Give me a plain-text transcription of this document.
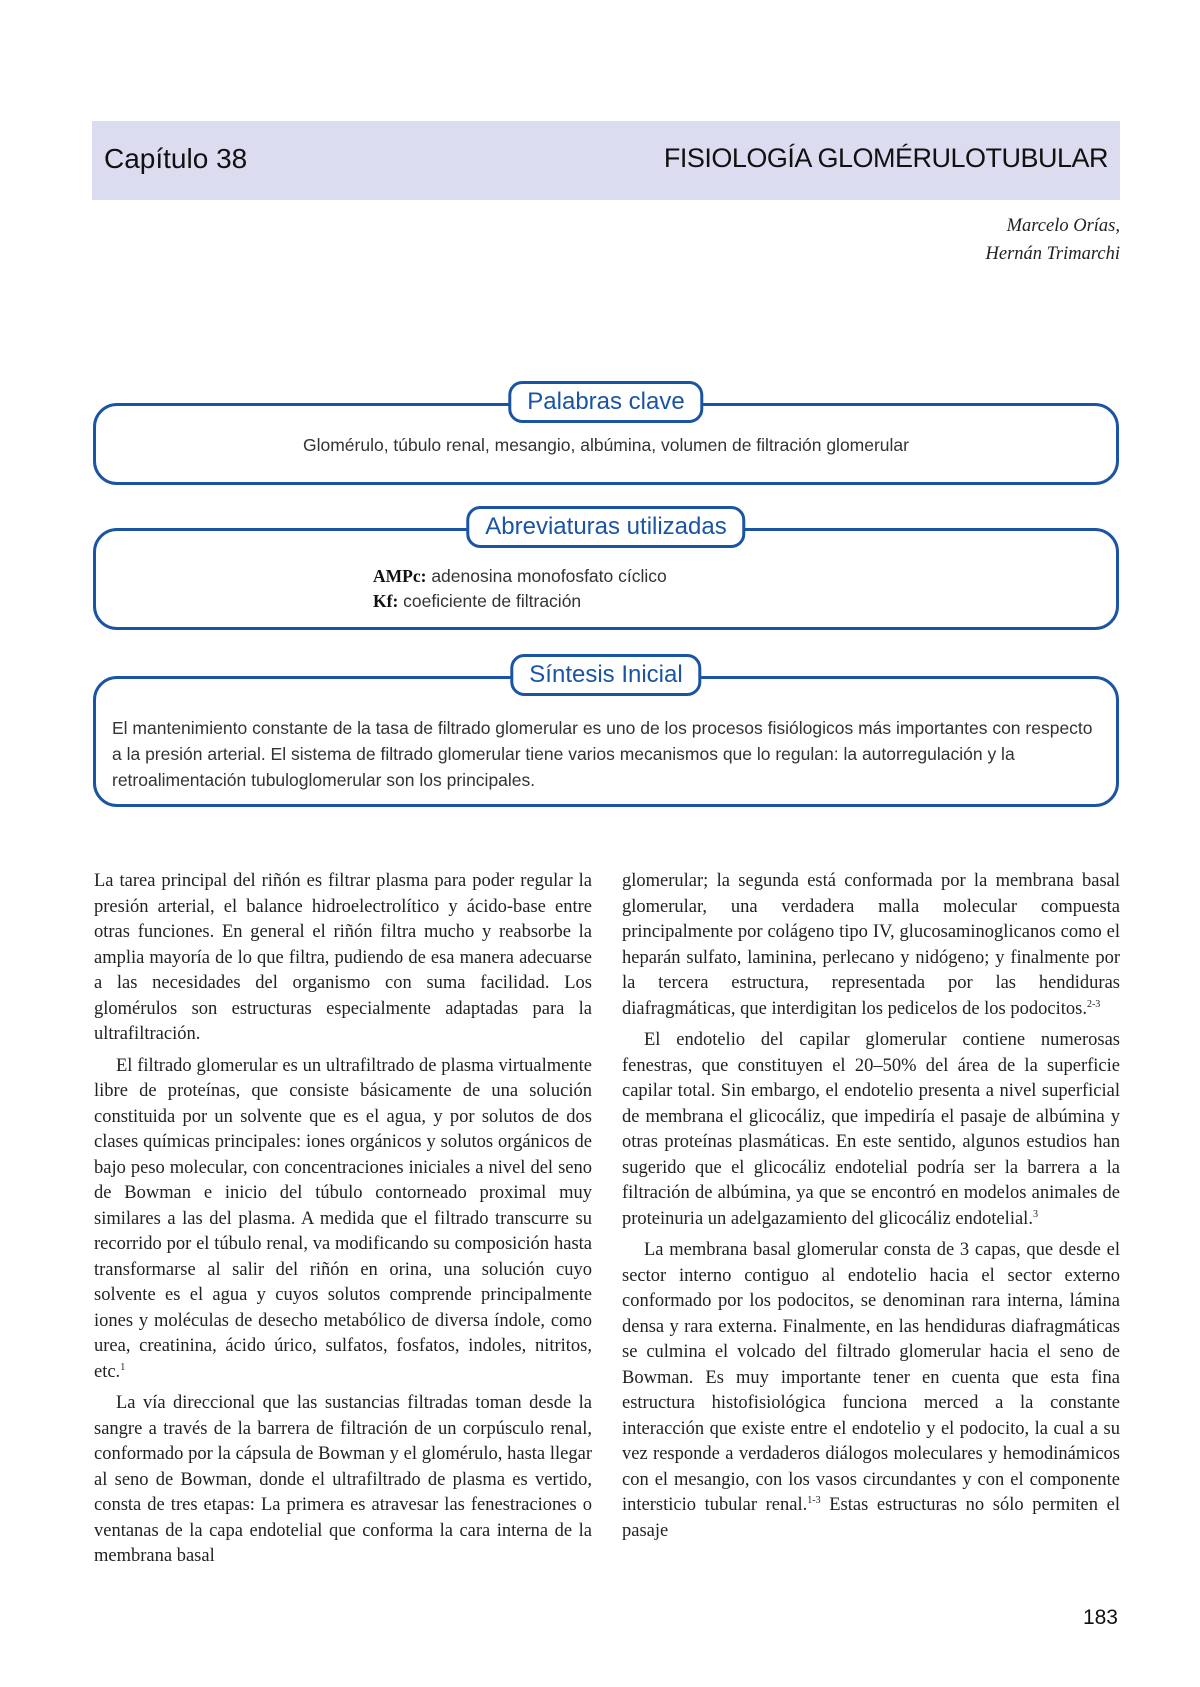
Capítulo 38	FISIOLOGÍA GLOMÉRULOTUBULAR
Marcelo Orías,
Hernán Trimarchi
Palabras clave
Glomérulo, túbulo renal, mesangio, albúmina, volumen de filtración glomerular
Abreviaturas utilizadas
AMPc: adenosina monofosfato cíclico
Kf: coeficiente de filtración
Síntesis Inicial
El mantenimiento constante de la tasa de filtrado glomerular es uno de los procesos fisiólogicos más importantes con respecto a la presión arterial. El sistema de filtrado glomerular tiene varios mecanismos que lo regulan: la autorregulación y la retroalimentación tubuloglomerular son los principales.

La tarea principal del riñón es filtrar plasma para poder regular la presión arterial, el balance hidroelectrolítico y ácido-base entre otras funciones. En general el riñón filtra mucho y reabsorbe la amplia mayoría de lo que filtra, pudiendo de esa manera adecuarse a las necesidades del organismo con suma facilidad. Los glomérulos son estructuras especialmente adaptadas para la ultrafiltración.

El filtrado glomerular es un ultrafiltrado de plasma virtualmente libre de proteínas, que consiste básicamente de una solución constituida por un solvente que es el agua, y por solutos de dos clases químicas principales: iones orgánicos y solutos orgánicos de bajo peso molecular, con concentraciones iniciales a nivel del seno de Bowman e inicio del túbulo contorneado proximal muy similares a las del plasma. A medida que el filtrado transcurre su recorrido por el túbulo renal, va modificando su composición hasta transformarse al salir del riñón en orina, una solución cuyo solvente es el agua y cuyos solutos comprende principalmente iones y moléculas de desecho metabólico de diversa índole, como urea, creatinina, ácido úrico, sulfatos, fosfatos, indoles, nitritos, etc.$^1$

La vía direccional que las sustancias filtradas toman desde la sangre a través de la barrera de filtración de un corpúsculo renal, conformado por la cápsula de Bowman y el glomérulo, hasta llegar al seno de Bowman, donde el ultrafiltrado de plasma es vertido, consta de tres etapas: La primera es atravesar las fenestraciones o ventanas de la capa endotelial que conforma la cara interna de la membrana basal

glomerular; la segunda está conformada por la membrana basal glomerular, una verdadera malla molecular compuesta principalmente por colágeno tipo IV, glucosaminoglicanos como el heparán sulfato, laminina, perlecano y nidógeno; y finalmente por la tercera estructura, representada por las hendiduras diafragmáticas, que interdigitan los pedicelos de los podocitos.$^{2-3}$

El endotelio del capilar glomerular contiene numerosas fenestras, que constituyen el 20–50% del área de la superficie capilar total. Sin embargo, el endotelio presenta a nivel superficial de membrana el glicocáliz, que impediría el pasaje de albúmina y otras proteínas plasmáticas. En este sentido, algunos estudios han sugerido que el glicocáliz endotelial podría ser la barrera a la filtración de albúmina, ya que se encontró en modelos animales de proteinuria un adelgazamiento del glicocáliz endotelial.$^3$

La membrana basal glomerular consta de 3 capas, que desde el sector interno contiguo al endotelio hacia el sector externo conformado por los podocitos, se denominan rara interna, lámina densa y rara externa. Finalmente, en las hendiduras diafragmáticas se culmina el volcado del filtrado glomerular hacia el seno de Bowman. Es muy importante tener en cuenta que esta fina estructura histofisiológica funciona merced a la constante interacción que existe entre el endotelio y el podocito, la cual a su vez responde a verdaderos diálogos moleculares y hemodinámicos con el mesangio, con los vasos circundantes y con el componente intersticio tubular renal.$^{1-3}$ Estas estructuras no sólo permiten el pasaje

183
